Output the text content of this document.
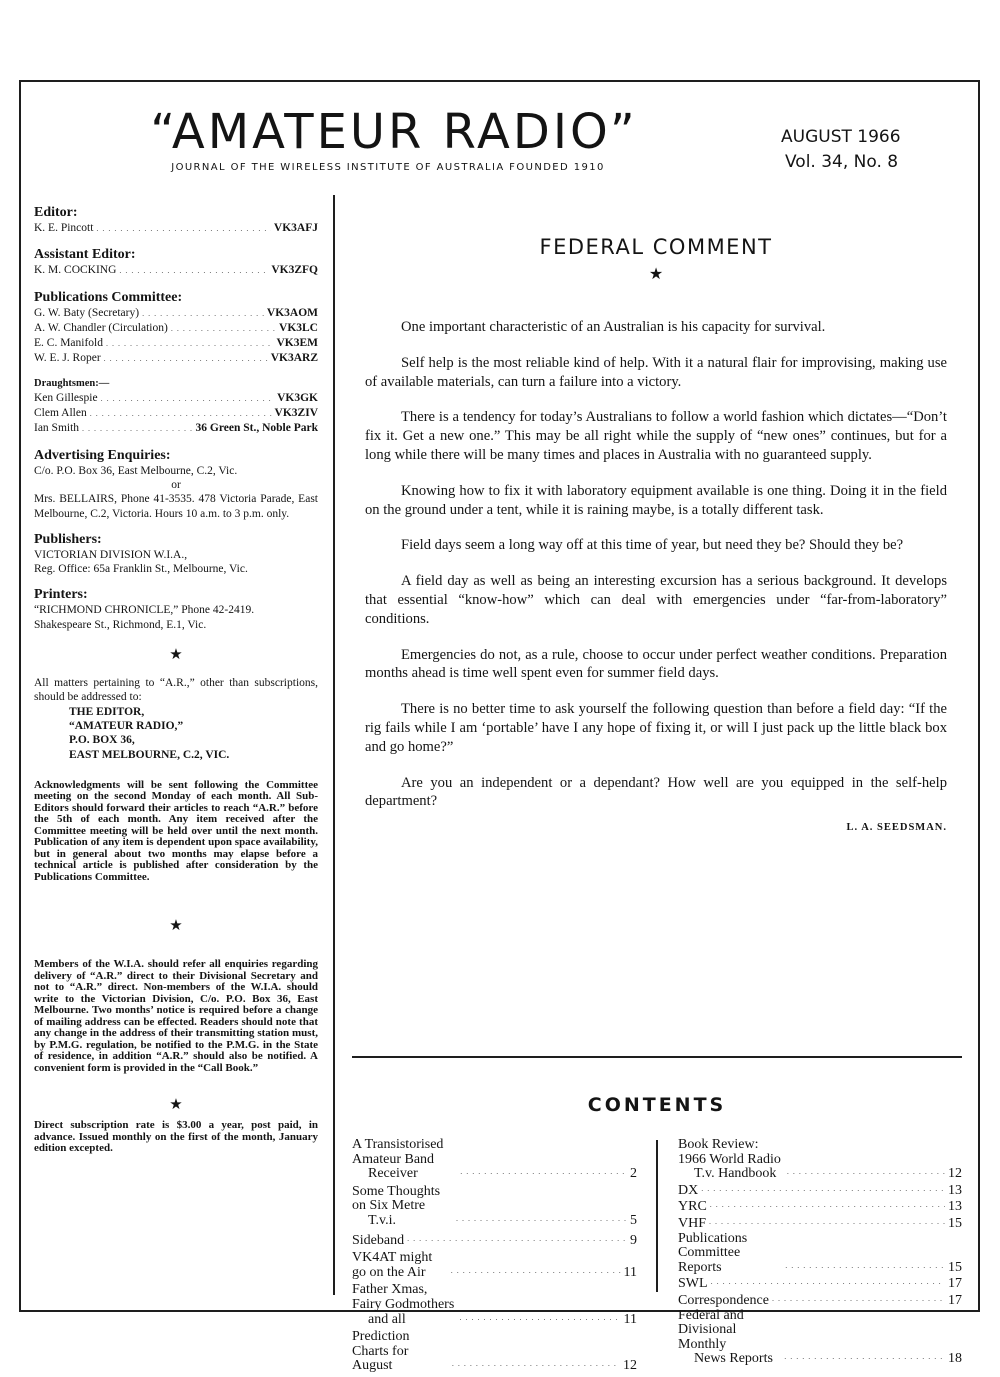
“AMATEUR RADIO”
JOURNAL OF THE WIRELESS INSTITUTE OF AUSTRALIA FOUNDED 1910
AUGUST 1966
Vol. 34, No. 8
Editor:
K. E. Pincott . . .	VK3AFJ
Assistant Editor:
K. M. COCKING . . .	VK3ZFQ
Publications Committee:
G. W. Baty (Secretary) . . .	VK3AOM
A. W. Chandler (Circulation) . . .	VK3LC
E. C. Manifold . . .	VK3EM
W. E. J. Roper . . .	VK3ARZ
Draughtsmen:—
Ken Gillespie . . .	VK3GK
Clem Allen . . .	VK3ZIV
Ian Smith . . .	36 Green St., Noble Park
Advertising Enquiries:
C/o. P.O. Box 36, East Melbourne, C.2, Vic.
or
Mrs. BELLAIRS, Phone 41-3535. 478 Victoria Parade, East Melbourne, C.2, Victoria. Hours 10 a.m. to 3 p.m. only.
Publishers:
VICTORIAN DIVISION W.I.A.,
Reg. Office: 65a Franklin St., Melbourne, Vic.
Printers:
“RICHMOND CHRONICLE,” Phone 42-2419.
Shakespeare St., Richmond, E.1, Vic.
★
All matters pertaining to “A.R.,” other than subscriptions, should be addressed to:
THE EDITOR,
“AMATEUR RADIO,”
P.O. BOX 36,
EAST MELBOURNE, C.2, VIC.
Acknowledgments will be sent following the Committee meeting on the second Monday of each month. All Sub-Editors should forward their articles to reach “A.R.” before the 5th of each month. Any item received after the Committee meeting will be held over until the next month. Publication of any item is dependent upon space availability, but in general about two months may elapse before a technical article is published after consideration by the Publications Committee.
★
Members of the W.I.A. should refer all enquiries regarding delivery of “A.R.” direct to their Divisional Secretary and not to “A.R.” direct. Non-members of the W.I.A. should write to the Victorian Division, C/o. P.O. Box 36, East Melbourne. Two months’ notice is required before a change of mailing address can be effected. Readers should note that any change in the address of their transmitting station must, by P.M.G. regulation, be notified to the P.M.G. in the State of residence, in addition “A.R.” should also be notified. A convenient form is provided in the “Call Book.”
★
Direct subscription rate is $3.00 a year, post paid, in advance. Issued monthly on the first of the month, January edition excepted.
FEDERAL COMMENT
★

One important characteristic of an Australian is his capacity for survival.

Self help is the most reliable kind of help. With it a natural flair for improvising, making use of available materials, can turn a failure into a victory.

There is a tendency for today’s Australians to follow a world fashion which dictates—“Don’t fix it. Get a new one.” This may be all right while the supply of “new ones” continues, but for a long while there will be many times and places in Australia with no guaranteed supply.

Knowing how to fix it with laboratory equipment available is one thing. Doing it in the field on the ground under a tent, while it is raining maybe, is a totally different task.

Field days seem a long way off at this time of year, but need they be? Should they be?

A field day as well as being an interesting excursion has a serious background. It develops that essential “know-how” which can deal with emergencies under “far-from-laboratory” conditions.

Emergencies do not, as a rule, choose to occur under perfect weather conditions. Preparation months ahead is time well spent even for summer field days.

There is no better time to ask yourself the following question than before a field day: “If the rig fails while I am ‘portable’ have I any hope of fixing it, or will I just pack up the little black box and go home?”

Are you an independent or a dependant? How well are you equipped in the self-help department?

L. A. SEEDSMAN.
CONTENTS
A Transistorised Amateur Band
Receiver . . .	2
Some Thoughts on Six Metre
T.v.i. . . .	5
Sideband . . .	9
VK4AT might go on the Air . . .	11
Father Xmas, Fairy Godmothers
and all . . .	11
Prediction Charts for August . . .	12
Book Review: 1966 World Radio
T.v. Handbook . . .	12
DX . . .	13
YRC . . .	13
VHF . . .	15
Publications Committee Reports . . .	15
SWL . . .	17
Correspondence . . .	17
Federal and Divisional Monthly
News Reports . . .	18
